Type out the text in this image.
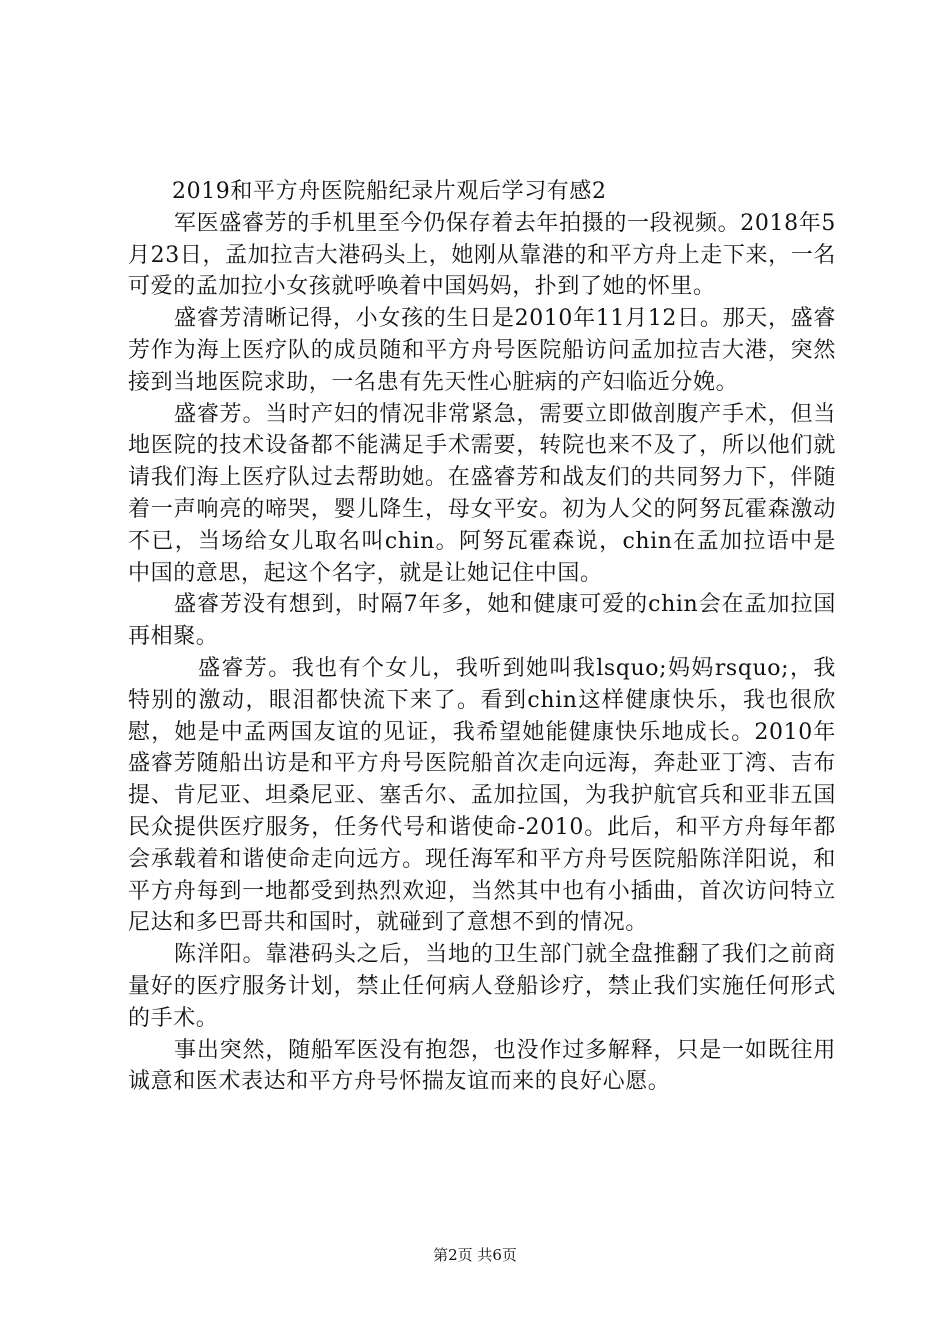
2019和平方舟医院船纪录片观后学习有感2

军医盛睿芳的手机里至今仍保存着去年拍摄的一段视频。2018年5月23日，孟加拉吉大港码头上，她刚从靠港的和平方舟上走下来，一名可爱的孟加拉小女孩就呼唤着中国妈妈，扑到了她的怀里。

盛睿芳清晰记得，小女孩的生日是2010年11月12日。那天，盛睿芳作为海上医疗队的成员随和平方舟号医院船访问孟加拉吉大港，突然接到当地医院求助，一名患有先天性心脏病的产妇临近分娩。

盛睿芳。当时产妇的情况非常紧急，需要立即做剖腹产手术，但当地医院的技术设备都不能满足手术需要，转院也来不及了，所以他们就请我们海上医疗队过去帮助她。在盛睿芳和战友们的共同努力下，伴随着一声响亮的啼哭，婴儿降生，母女平安。初为人父的阿努瓦霍森激动不已，当场给女儿取名叫chin。阿努瓦霍森说，chin在孟加拉语中是中国的意思，起这个名字，就是让她记住中国。

盛睿芳没有想到，时隔7年多，她和健康可爱的chin会在孟加拉国再相聚。

盛睿芳。我也有个女儿，我听到她叫我lsquo;妈妈rsquo;，我特别的激动，眼泪都快流下来了。看到chin这样健康快乐，我也很欣慰，她是中孟两国友谊的见证，我希望她能健康快乐地成长。2010年盛睿芳随船出访是和平方舟号医院船首次走向远海，奔赴亚丁湾、吉布提、肯尼亚、坦桑尼亚、塞舌尔、孟加拉国，为我护航官兵和亚非五国民众提供医疗服务，任务代号和谐使命-2010。此后，和平方舟每年都会承载着和谐使命走向远方。现任海军和平方舟号医院船陈洋阳说，和平方舟每到一地都受到热烈欢迎，当然其中也有小插曲，首次访问特立尼达和多巴哥共和国时，就碰到了意想不到的情况。

陈洋阳。靠港码头之后，当地的卫生部门就全盘推翻了我们之前商量好的医疗服务计划，禁止任何病人登船诊疗，禁止我们实施任何形式的手术。

事出突然，随船军医没有抱怨，也没作过多解释，只是一如既往用诚意和医术表达和平方舟号怀揣友谊而来的良好心愿。

第2页 共6页
